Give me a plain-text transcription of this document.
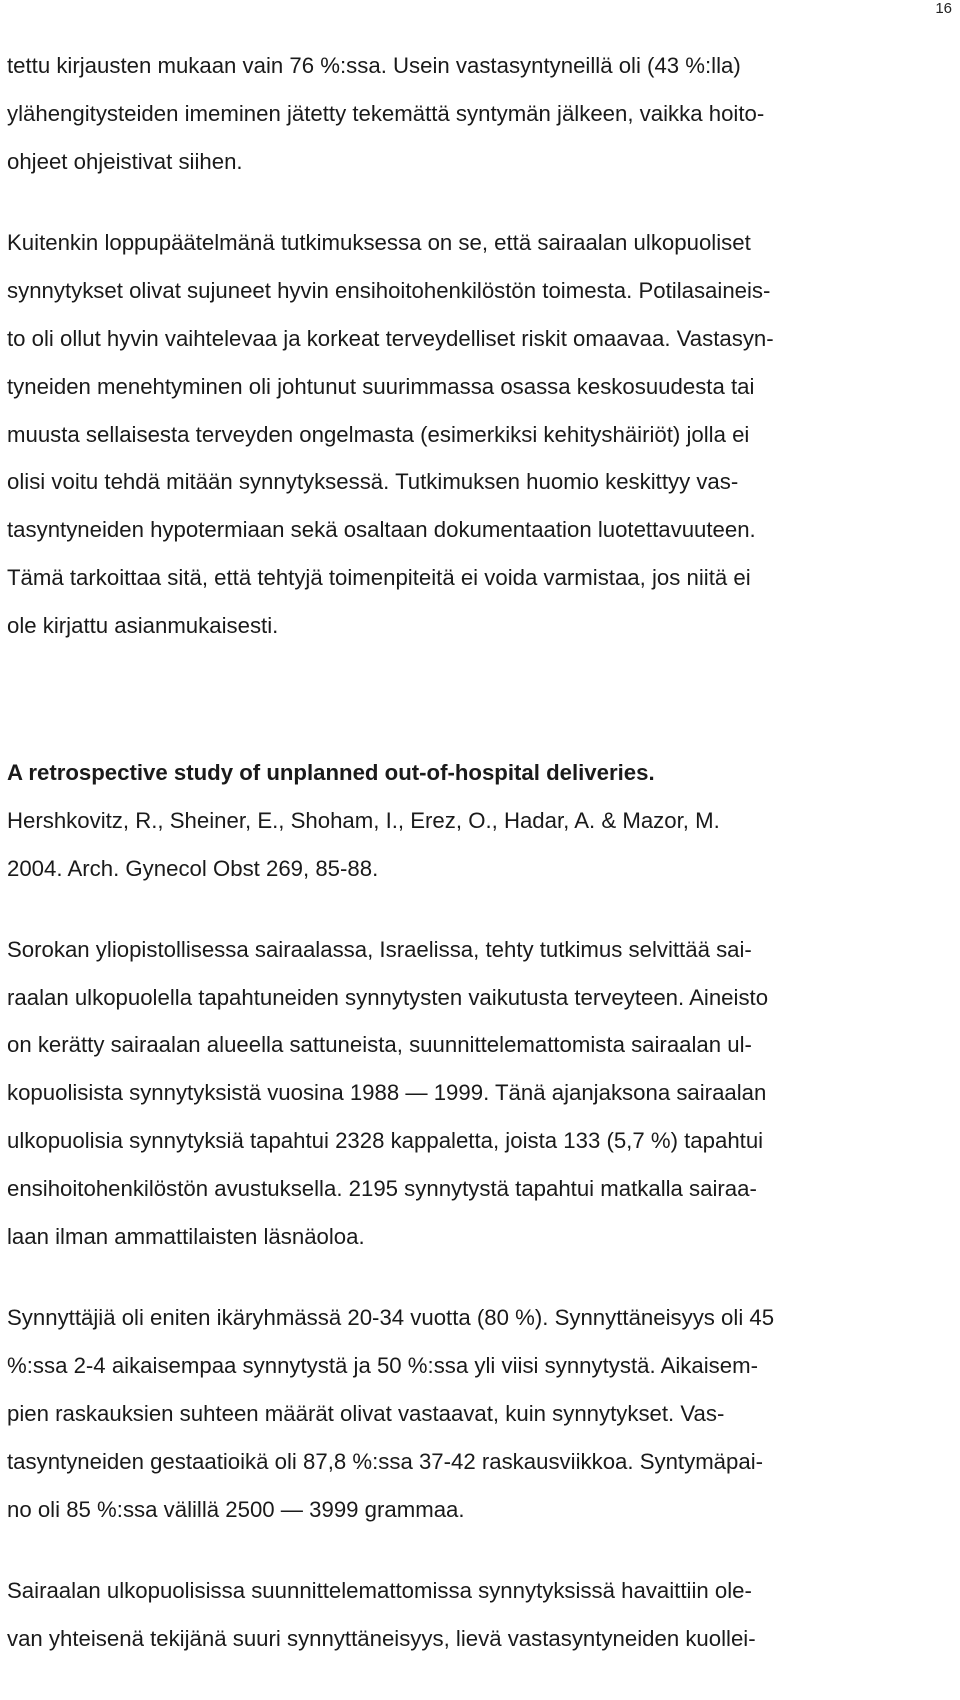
16
tettu kirjausten mukaan vain 76 %:ssa. Usein vastasyntyneillä oli (43 %:lla)
ylähengitysteiden imeminen jätetty tekemättä syntymän jälkeen, vaikka hoito-
ohjeet ohjeistivat siihen.
Kuitenkin loppupäätelmänä tutkimuksessa on se, että sairaalan ulkopuoliset
synnytykset olivat sujuneet hyvin ensihoitohenkilöstön toimesta. Potilasaineis-
to oli ollut hyvin vaihtelevaa ja korkeat terveydelliset riskit omaavaa. Vastasyn-
tyneiden menehtyminen oli johtunut suurimmassa osassa keskosuudesta tai
muusta sellaisesta terveyden ongelmasta (esimerkiksi kehityshäiriöt) jolla ei
olisi voitu tehdä mitään synnytyksessä. Tutkimuksen huomio keskittyy vas-
tasyntyneiden hypotermiaan sekä osaltaan dokumentaation luotettavuuteen.
Tämä tarkoittaa sitä, että tehtyjä toimenpiteitä ei voida varmistaa, jos niitä ei
ole kirjattu asianmukaisesti.
A retrospective study of unplanned out-of-hospital deliveries.
Hershkovitz, R., Sheiner, E., Shoham, I., Erez, O., Hadar, A. & Mazor, M.
2004. Arch. Gynecol Obst 269, 85-88.
Sorokan yliopistollisessa sairaalassa, Israelissa, tehty tutkimus selvittää sai-
raalan ulkopuolella tapahtuneiden synnytysten vaikutusta terveyteen. Aineisto
on kerätty sairaalan alueella sattuneista, suunnittelemattomista sairaalan ul-
kopuolisista synnytyksistä vuosina 1988 — 1999. Tänä ajanjaksona sairaalan
ulkopuolisia synnytyksiä tapahtui 2328 kappaletta, joista 133 (5,7 %) tapahtui
ensihoitohenkilöstön avustuksella. 2195 synnytystä tapahtui matkalla sairaa-
laan ilman ammattilaisten läsnäoloa.
Synnyttäjiä oli eniten ikäryhmässä 20-34 vuotta (80 %). Synnyttäneisyys oli 45
%:ssa 2-4 aikaisempaa synnytystä ja 50 %:ssa yli viisi synnytystä. Aikaisem-
pien raskauksien suhteen määrät olivat vastaavat, kuin synnytykset. Vas-
tasyntyneiden gestaatioikä oli 87,8 %:ssa 37-42 raskausviikkoa. Syntymäpai-
no oli 85 %:ssa välillä 2500 — 3999 grammaa.
Sairaalan ulkopuolisissa suunnittelemattomissa synnytyksissä havaittiin ole-
van yhteisenä tekijänä suuri synnyttäneisyys, lievä vastasyntyneiden kuollei-
